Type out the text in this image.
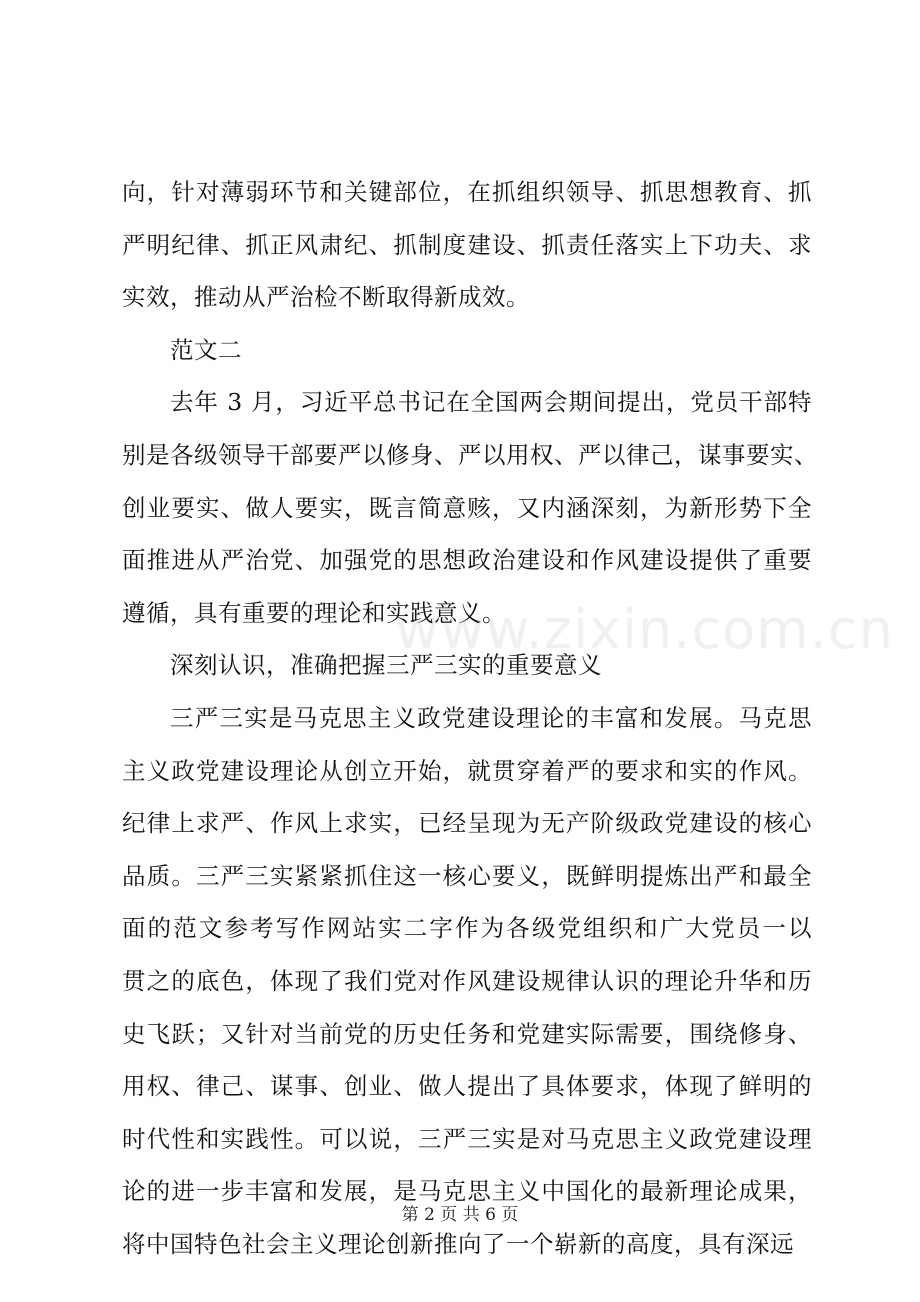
向，针对薄弱环节和关键部位，在抓组织领导、抓思想教育、抓
严明纪律、抓正风肃纪、抓制度建设、抓责任落实上下功夫、求
实效，推动从严治检不断取得新成效。
范文二
去年 3 月，习近平总书记在全国两会期间提出，党员干部特
别是各级领导干部要严以修身、严以用权、严以律己，谋事要实、
创业要实、做人要实，既言简意赅，又内涵深刻，为新形势下全
面推进从严治党、加强党的思想政治建设和作风建设提供了重要
遵循，具有重要的理论和实践意义。
深刻认识，准确把握三严三实的重要意义
三严三实是马克思主义政党建设理论的丰富和发展。马克思
主义政党建设理论从创立开始，就贯穿着严的要求和实的作风。
纪律上求严、作风上求实，已经呈现为无产阶级政党建设的核心
品质。三严三实紧紧抓住这一核心要义，既鲜明提炼出严和最全
面的范文参考写作网站实二字作为各级党组织和广大党员一以
贯之的底色，体现了我们党对作风建设规律认识的理论升华和历
史飞跃；又针对当前党的历史任务和党建实际需要，围绕修身、
用权、律己、谋事、创业、做人提出了具体要求，体现了鲜明的
时代性和实践性。可以说，三严三实是对马克思主义政党建设理
论的进一步丰富和发展，是马克思主义中国化的最新理论成果，
将中国特色社会主义理论创新推向了一个崭新的高度，具有深远
www.zixin.com.cn
第 2 页 共 6 页
